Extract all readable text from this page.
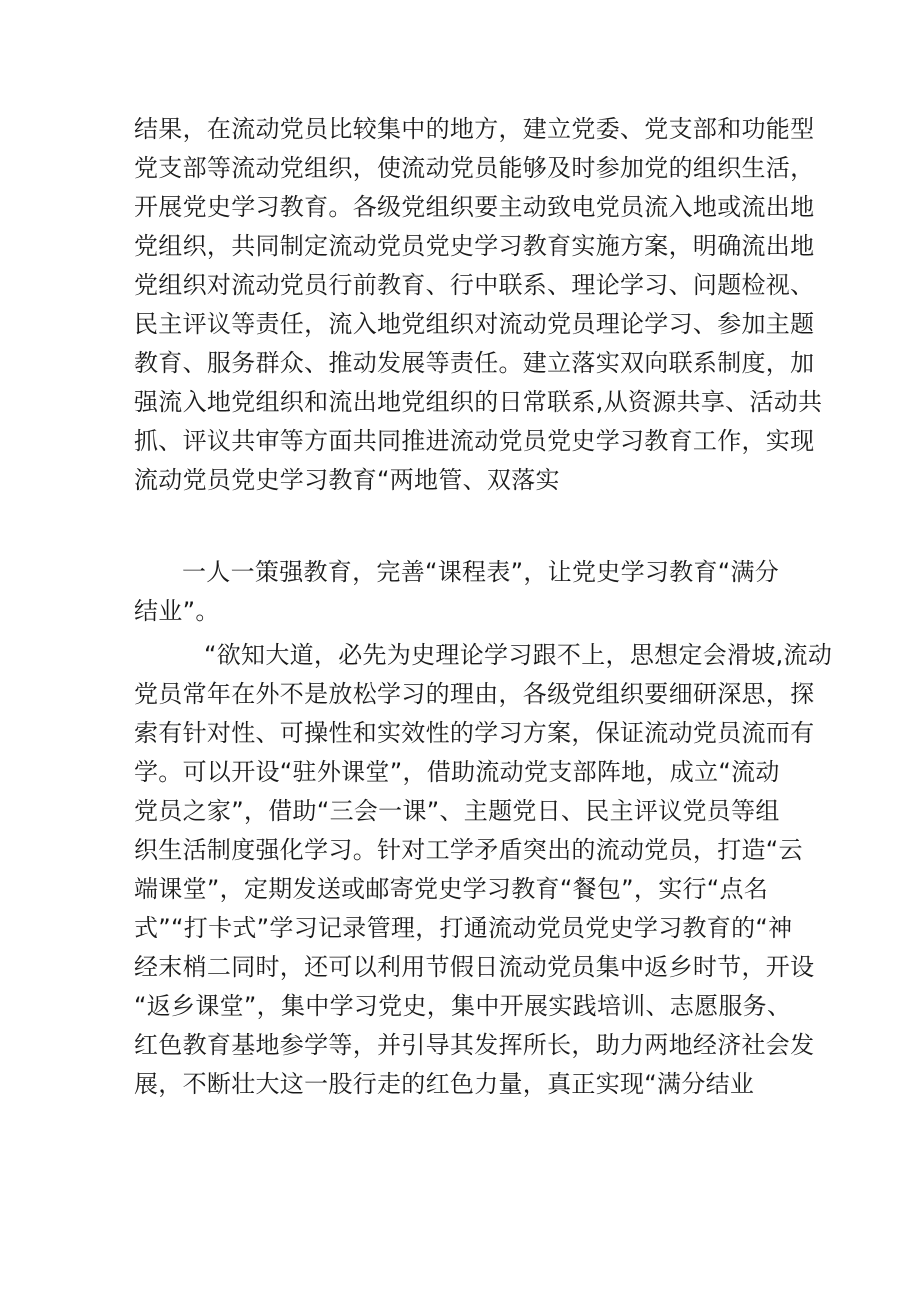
结果，在流动党员比较集中的地方，建立党委、党支部和功能型
党支部等流动党组织，使流动党员能够及时参加党的组织生活，
开展党史学习教育。各级党组织要主动致电党员流入地或流出地
党组织，共同制定流动党员党史学习教育实施方案，明确流出地
党组织对流动党员行前教育、行中联系、理论学习、问题检视、
民主评议等责任，流入地党组织对流动党员理论学习、参加主题
教育、服务群众、推动发展等责任。建立落实双向联系制度，加
强流入地党组织和流出地党组织的日常联系,从资源共享、活动共
抓、评议共审等方面共同推进流动党员党史学习教育工作，实现
流动党员党史学习教育“两地管、双落实
一人一策强教育，完善“课程表”，让党史学习教育“满分
结业”。
“欲知大道，必先为史理论学习跟不上，思想定会滑坡,流动
党员常年在外不是放松学习的理由，各级党组织要细研深思，探
索有针对性、可操性和实效性的学习方案，保证流动党员流而有
学。可以开设“驻外课堂”，借助流动党支部阵地，成立“流动
党员之家”，借助“三会一课”、主题党日、民主评议党员等组
织生活制度强化学习。针对工学矛盾突出的流动党员，打造“云
端课堂”，定期发送或邮寄党史学习教育“餐包”，实行“点名
式”“打卡式”学习记录管理，打通流动党员党史学习教育的“神
经末梢二同时，还可以利用节假日流动党员集中返乡时节，开设
“返乡课堂”，集中学习党史，集中开展实践培训、志愿服务、
红色教育基地参学等，并引导其发挥所长，助力两地经济社会发
展，不断壮大这一股行走的红色力量，真正实现“满分结业
